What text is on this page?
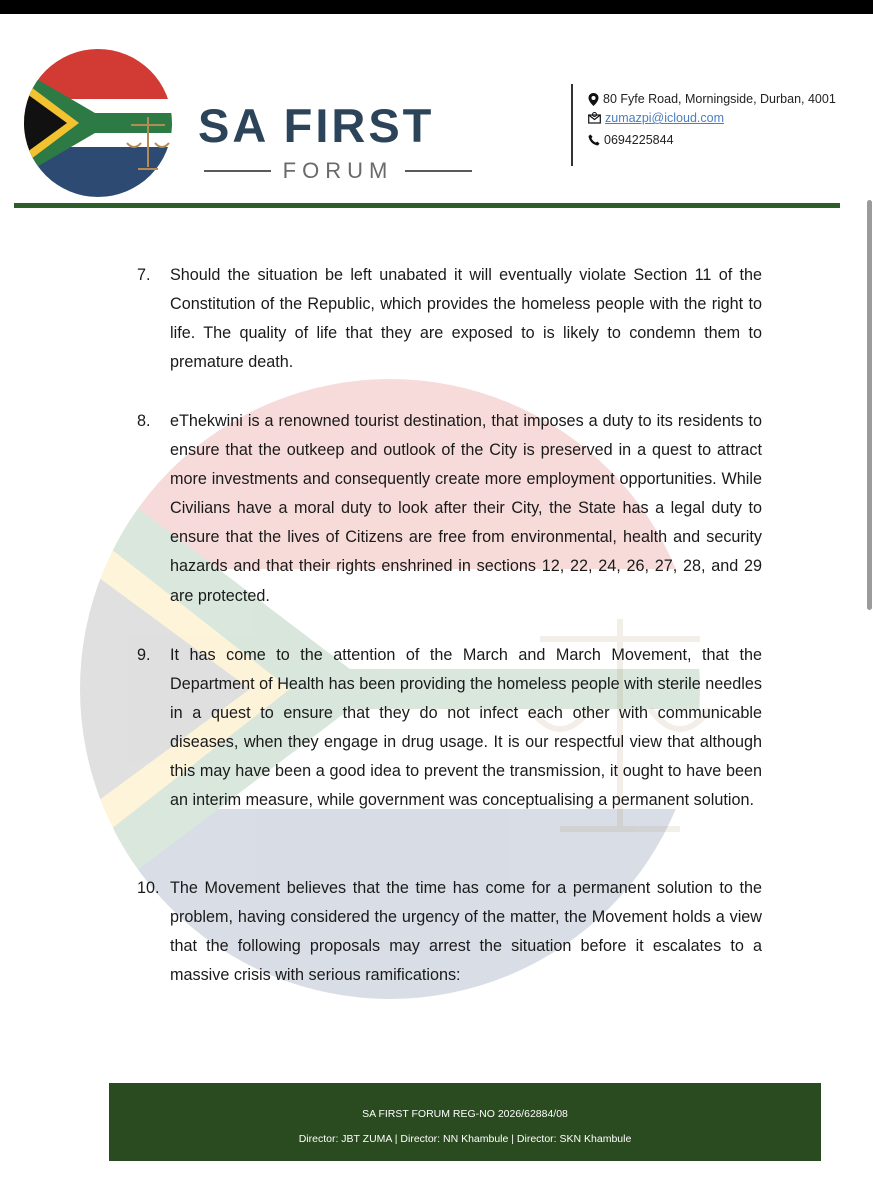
SA FIRST
FORUM
80 Fyfe Road, Morningside, Durban, 4001
zumazpi@icloud.com
0694225844
7. Should the situation be left unabated it will eventually violate Section 11 of the Constitution of the Republic, which provides the homeless people with the right to life. The quality of life that they are exposed to is likely to condemn them to premature death.
8. eThekwini is a renowned tourist destination, that imposes a duty to its residents to ensure that the outkeep and outlook of the City is preserved in a quest to attract more investments and consequently create more employment opportunities. While Civilians have a moral duty to look after their City, the State has a legal duty to ensure that the lives of Citizens are free from environmental, health and security hazards and that their rights enshrined in sections 12, 22, 24, 26, 27, 28, and 29 are protected.
9. It has come to the attention of the March and March Movement, that the Department of Health has been providing the homeless people with sterile needles in a quest to ensure that they do not infect each other with communicable diseases, when they engage in drug usage. It is our respectful view that although this may have been a good idea to prevent the transmission, it ought to have been an interim measure, while government was conceptualising a permanent solution.
10. The Movement believes that the time has come for a permanent solution to the problem, having considered the urgency of the matter, the Movement holds a view that the following proposals may arrest the situation before it escalates to a massive crisis with serious ramifications:
SA FIRST FORUM REG-NO 2026/62884/08
Director: JBT ZUMA | Director: NN Khambule | Director: SKN Khambule
